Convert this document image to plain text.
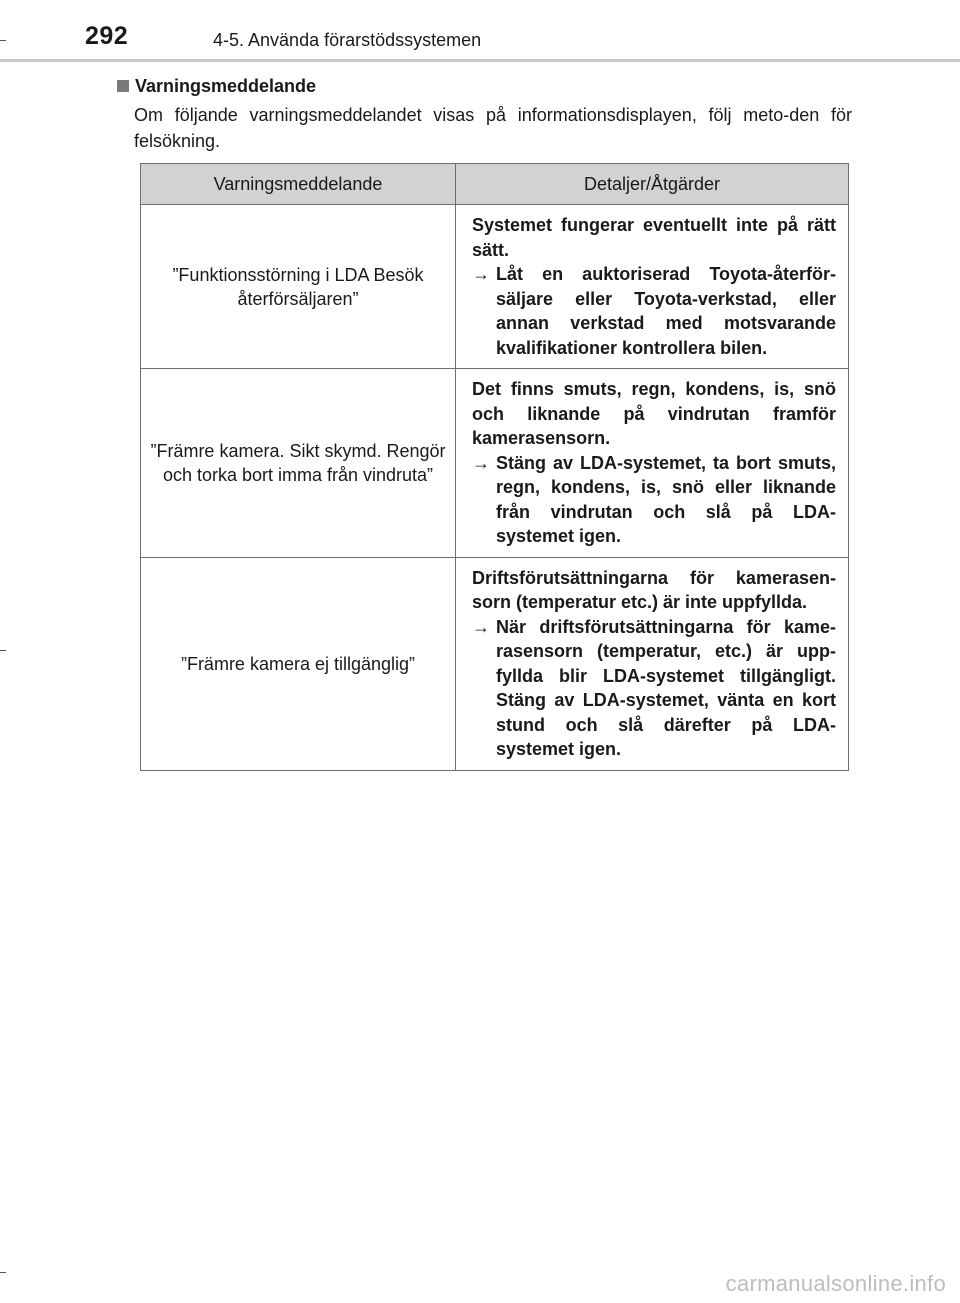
292	4-5. Använda förarstödssystemen
Varningsmeddelande
Om följande varningsmeddelandet visas på informationsdisplayen, följ meto-den för felsökning.
Varningsmeddelande	Detaljer/Åtgärder
”Funktionsstörning i LDA Besök återförsäljaren”	Systemet fungerar eventuellt inte på rätt sätt.
→ Låt en auktoriserad Toyota-återför-säljare eller Toyota-verkstad, eller annan verkstad med motsvarande kvalifikationer kontrollera bilen.

”Främre kamera. Sikt skymd. Rengör och torka bort imma från vindruta”	Det finns smuts, regn, kondens, is, snö och liknande på vindrutan framför kamerasensorn.
→ Stäng av LDA-systemet, ta bort smuts, regn, kondens, is, snö eller liknande från vindrutan och slå på LDA-systemet igen.

”Främre kamera ej tillgänglig”	Driftsförutsättningarna för kamerasen-sorn (temperatur etc.) är inte uppfyllda.
→ När driftsförutsättningarna för kame-rasensorn (temperatur, etc.) är upp-fyllda blir LDA-systemet tillgängligt. Stäng av LDA-systemet, vänta en kort stund och slå därefter på LDA-systemet igen.
carmanualsonline.info
